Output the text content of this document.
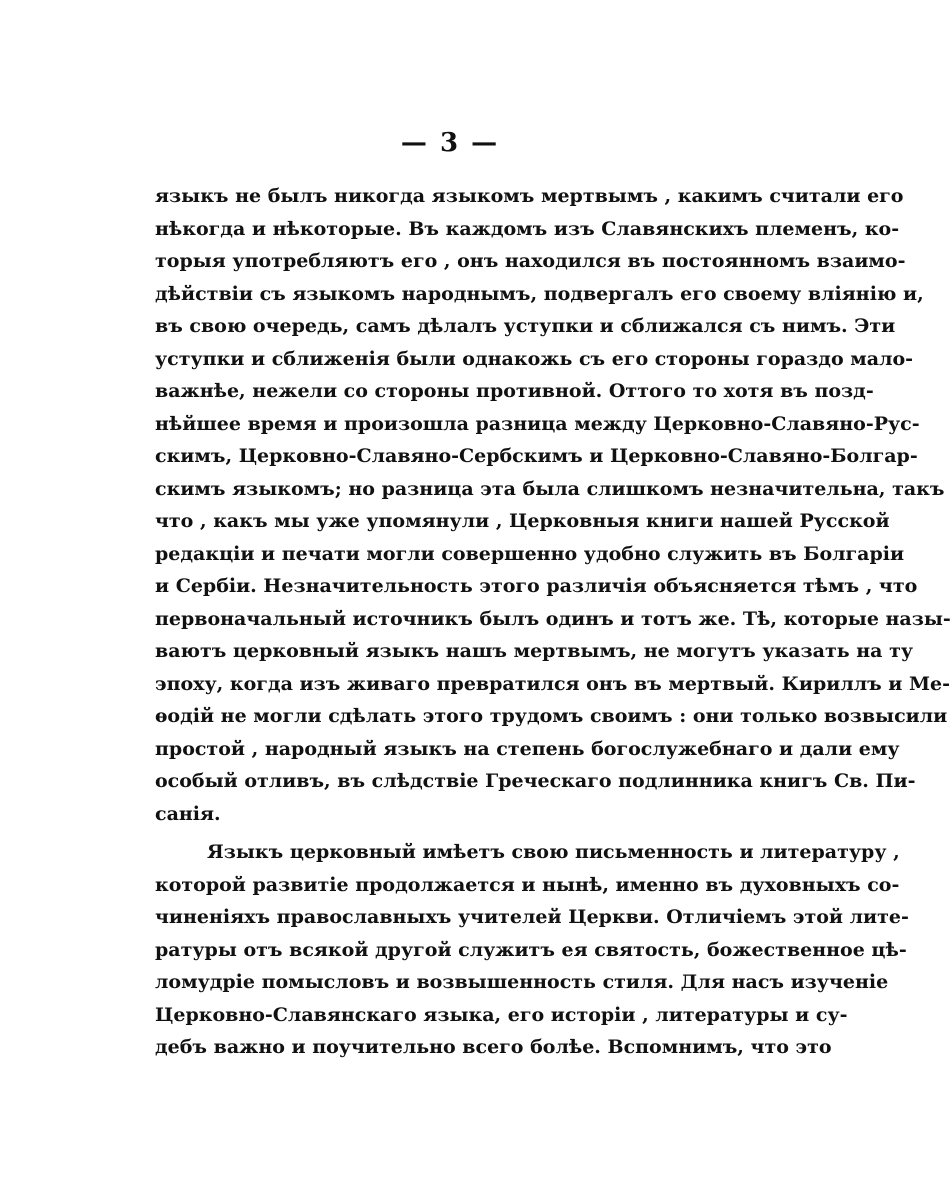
— 3 —
языкъ не былъ никогда языкомъ мертвымъ , какимъ считали его
нѣкогда и нѣкоторые. Въ каждомъ изъ Славянскихъ племенъ, ко-
торыя употребляютъ его , онъ находился въ постоянномъ взаимо-
дѣйствіи съ языкомъ народнымъ, подвергалъ его своему вліянію и,
въ свою очередь, самъ дѣлалъ уступки и сближался съ нимъ. Эти
уступки и сближенія были однакожь съ его стороны гораздо мало-
важнѣе, нежели со стороны противной. Оттого то хотя въ позд-
нѣйшее время и произошла разница между Церковно-Славяно-Рус-
скимъ, Церковно-Славяно-Сербскимъ и Церковно-Славяно-Болгар-
скимъ языкомъ; но разница эта была слишкомъ незначительна, такъ
что , какъ мы уже упомянули , Церковныя книги нашей Русской
редакціи и печати могли совершенно удобно служить въ Болгаріи
и Сербіи. Незначительность этого различія объясняется тѣмъ , что
первоначальный источникъ былъ одинъ и тотъ же. Тѣ, которые назы-
ваютъ церковный языкъ нашъ мертвымъ, не могутъ указать на ту
эпоху, когда изъ живаго превратился онъ въ мертвый. Кириллъ и Ме-
ѳодій не могли сдѣлать этого трудомъ своимъ : они только возвысили
простой , народный языкъ на степень богослужебнаго и дали ему
особый отливъ, въ слѣдствіе Греческаго подлинника книгъ Св. Пи-
санія.
Языкъ церковный имѣетъ свою письменность и литературу ,
которой развитіе продолжается и нынѣ, именно въ духовныхъ со-
чиненіяхъ православныхъ учителей Церкви. Отличіемъ этой лите-
ратуры отъ всякой другой служитъ ея святость, божественное цѣ-
ломудріе помысловъ и возвышенность стиля. Для насъ изученіе
Церковно-Славянскаго языка, его исторіи , литературы и су-
дебъ важно и поучительно всего болѣе. Вспомнимъ, что это
